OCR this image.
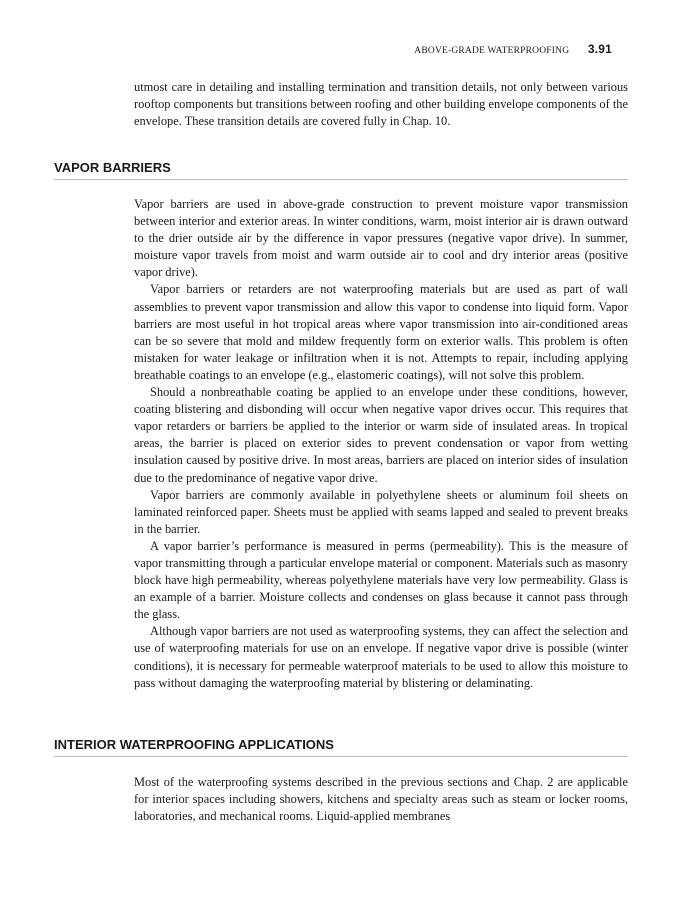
ABOVE-GRADE WATERPROOFING 3.91

utmost care in detailing and installing termination and transition details, not only between various rooftop components but transitions between roofing and other building envelope components of the envelope. These transition details are covered fully in Chap. 10.

VAPOR BARRIERS

Vapor barriers are used in above-grade construction to prevent moisture vapor transmission between interior and exterior areas. In winter conditions, warm, moist interior air is drawn outward to the drier outside air by the difference in vapor pressures (negative vapor drive). In summer, moisture vapor travels from moist and warm outside air to cool and dry interior areas (positive vapor drive).

Vapor barriers or retarders are not waterproofing materials but are used as part of wall assemblies to prevent vapor transmission and allow this vapor to condense into liquid form. Vapor barriers are most useful in hot tropical areas where vapor transmission into air-conditioned areas can be so severe that mold and mildew frequently form on exterior walls. This problem is often mistaken for water leakage or infiltration when it is not. Attempts to repair, including applying breathable coatings to an envelope (e.g., elastomeric coatings), will not solve this problem.

Should a nonbreathable coating be applied to an envelope under these conditions, however, coating blistering and disbonding will occur when negative vapor drives occur. This requires that vapor retarders or barriers be applied to the interior or warm side of insulated areas. In tropical areas, the barrier is placed on exterior sides to prevent condensation or vapor from wetting insulation caused by positive drive. In most areas, barriers are placed on interior sides of insulation due to the predominance of negative vapor drive.

Vapor barriers are commonly available in polyethylene sheets or aluminum foil sheets on laminated reinforced paper. Sheets must be applied with seams lapped and sealed to prevent breaks in the barrier.

A vapor barrier’s performance is measured in perms (permeability). This is the measure of vapor transmitting through a particular envelope material or component. Materials such as masonry block have high permeability, whereas polyethylene materials have very low permeability. Glass is an example of a barrier. Moisture collects and condenses on glass because it cannot pass through the glass.

Although vapor barriers are not used as waterproofing systems, they can affect the selection and use of waterproofing materials for use on an envelope. If negative vapor drive is possible (winter conditions), it is necessary for permeable waterproof materials to be used to allow this moisture to pass without damaging the waterproofing material by blistering or delaminating.

INTERIOR WATERPROOFING APPLICATIONS

Most of the waterproofing systems described in the previous sections and Chap. 2 are applicable for interior spaces including showers, kitchens and specialty areas such as steam or locker rooms, laboratories, and mechanical rooms. Liquid-applied membranes
